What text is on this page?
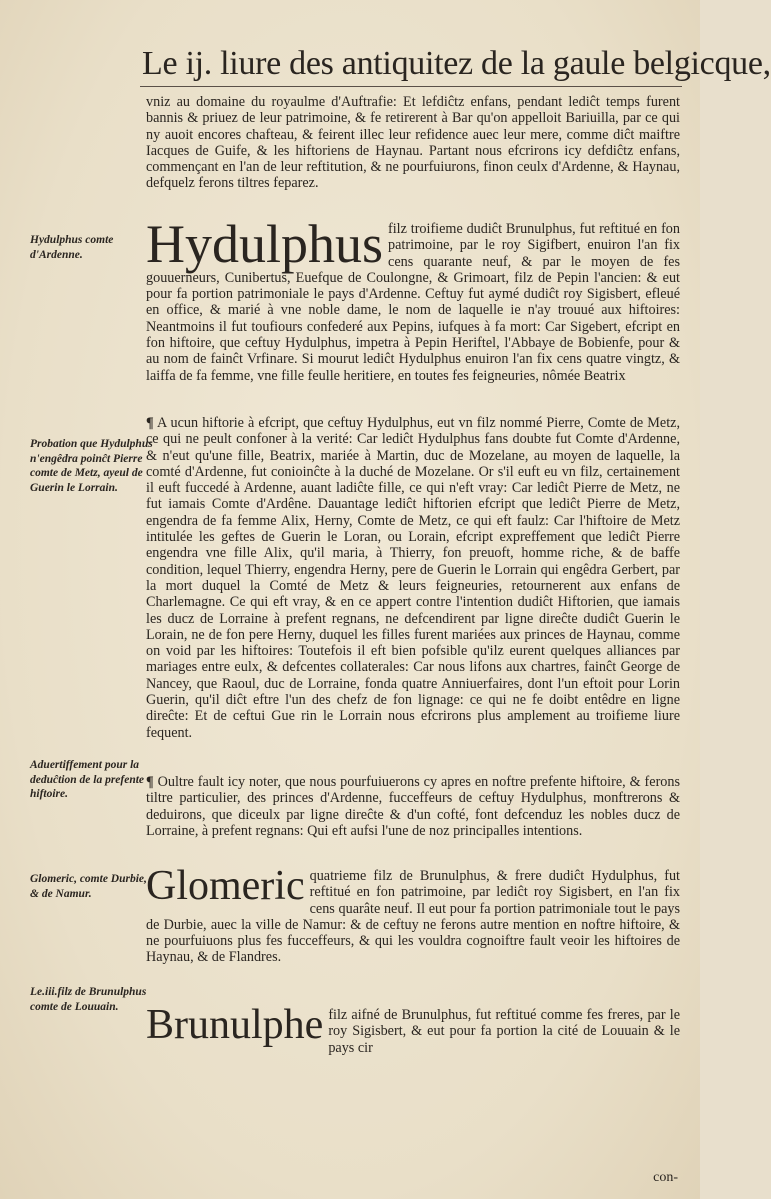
Le ij. liure des antiquitez de la gaule belgicque,

vniz au domaine du royaulme d'Auftrafie: Et lefdiĉtz enfans, pendant lediĉt temps furent bannis & priuez de leur patrimoine, & fe retirerent à Bar qu'on appelloit Bariuilla, par ce qui ny auoit encores chafteau, & feirent illec leur refidence auec leur mere, comme diĉt maiftre Iacques de Guife, & les hiftoriens de Haynau. Partant nous efcrirons icy defdiĉtz enfans, commençant en l'an de leur reftitution, & ne pourfuiurons, finon ceulx d'Ardenne, & Haynau, defquelz ferons tiltres feparez.

Hydulphus filz troifieme dudiĉt Brunulphus, fut reftitué en fon patrimoine, par le roy Sigifbert, enuiron l'an fix cens quarante neuf, & par le moyen de fes gouuerneurs, Cunibertus, Euefque de Coulongne, & Grimoart, filz de Pepin l'ancien: & eut pour fa portion patrimoniale le pays d'Ardenne. Ceftuy fut aymé dudiĉt roy Sigisbert, efleué en office, & marié à vne noble dame, le nom de laquelle ie n'ay trouué aux hiftoires: Neantmoins il fut toufiours confederé aux Pepins, iufques à fa mort: Car Sigebert, efcript en fon hiftoire, que ceftuy Hydulphus, impetra à Pepin Heriftel, l'Abbaye de Bobienfe, pour & au nom de fainĉt Vrfinare. Si mourut lediĉt Hydulphus enuiron l'an fix cens quatre vingtz, & laiffa de fa femme, vne fille feulle heritiere, en toutes fes feigneuries, nômée Beatrix
¶ A ucun hiftorie à efcript, que ceftuy Hydulphus, eut vn filz nommé Pierre, Comte de Metz, ce qui ne peult confoner à la verité: Car lediĉt Hydulphus fans doubte fut Comte d'Ardenne, & n'eut qu'une fille, Beatrix, mariée à Martin, duc de Mozelane, au moyen de laquelle, la comté d'Ardenne, fut conioinĉte à la duché de Mozelane. Or s'il euft eu vn filz, certainement il euft fuccedé à Ardenne, auant ladiĉte fille, ce qui n'eft vray: Car lediĉt Pierre de Metz, ne fut iamais Comte d'Ardêne. Dauantage lediĉt hiftorien efcript que lediĉt Pierre de Metz, engendra de fa femme Alix, Herny, Comte de Metz, ce qui eft faulz: Car l'hiftoire de Metz intitulée les geftes de Guerin le Loran, ou Lorain, efcript expreffement que lediĉt Pierre engendra vne fille Alix, qu'il maria, à Thierry, fon preuoft, homme riche, & de baffe condition, lequel Thierry, engendra Herny, pere de Guerin le Lorrain qui engêdra Gerbert, par la mort duquel la Comté de Metz & leurs feigneuries, retournerent aux enfans de Charlemagne. Ce qui eft vray, & en ce appert contre l'intention dudiĉt Hiftorien, que iamais les ducz de Lorraine à prefent regnans, ne defcendirent par ligne direĉte dudiĉt Guerin le Lorain, ne de fon pere Herny, duquel les filles furent mariées aux princes de Haynau, comme on void par les hiftoires: Toutefois il eft bien pofsible qu'ilz eurent quelques alliances par mariages entre eulx, & defcentes collaterales: Car nous lifons aux chartres, fainĉt George de Nancey, que Raoul, duc de Lorraine, fonda quatre Anniuerfaires, dont l'un eftoit pour Lorin Guerin, qu'il diĉt eftre l'un des chefz de fon lignage: ce qui ne fe doibt entêdre en ligne direĉte: Et de ceftui Gue rin le Lorrain nous efcrirons plus amplement au troifieme liure fequent.
¶ Oultre fault icy noter, que nous pourfuiuerons cy apres en noftre prefente hiftoire, & ferons tiltre particulier, des princes d'Ardenne, fucceffeurs de ceftuy Hydulphus, monftrerons & deduirons, que diceulx par ligne direĉte & d'un cofté, font defcenduz les nobles ducz de Lorraine, à prefent regnans: Qui eft aufsi l'une de noz principalles intentions.
Glomeric quatrieme filz de Brunulphus, & frere dudiĉt Hydulphus, fut reftitué en fon patrimoine, par lediĉt roy Sigisbert, en l'an fix cens quarâte neuf. Il eut pour fa portion patrimoniale tout le pays de Durbie, auec la ville de Namur: & de ceftuy ne ferons autre mention en noftre hiftoire, & ne pourfuiuons plus fes fucceffeurs, & qui les vouldra cognoiftre fault veoir les hiftoires de Haynau, & de Flandres.
Brunulphe filz aifné de Brunulphus, fut reftitué comme fes freres, par le roy Sigisbert, & eut pour fa portion la cité de Louuain & le pays cir
con-
Hydulphus comte d'Ardenne.
Probation que Hydulphus n'engêdra poinĉt Pierre comte de Metz, ayeul de Guerin le Lorrain.
Aduertiffement pour la deduĉtion de la prefente hiftoire.
Glomeric, comte Durbie, & de Namur.
Le.iii.filz de Brunulphus comte de Louuain.
